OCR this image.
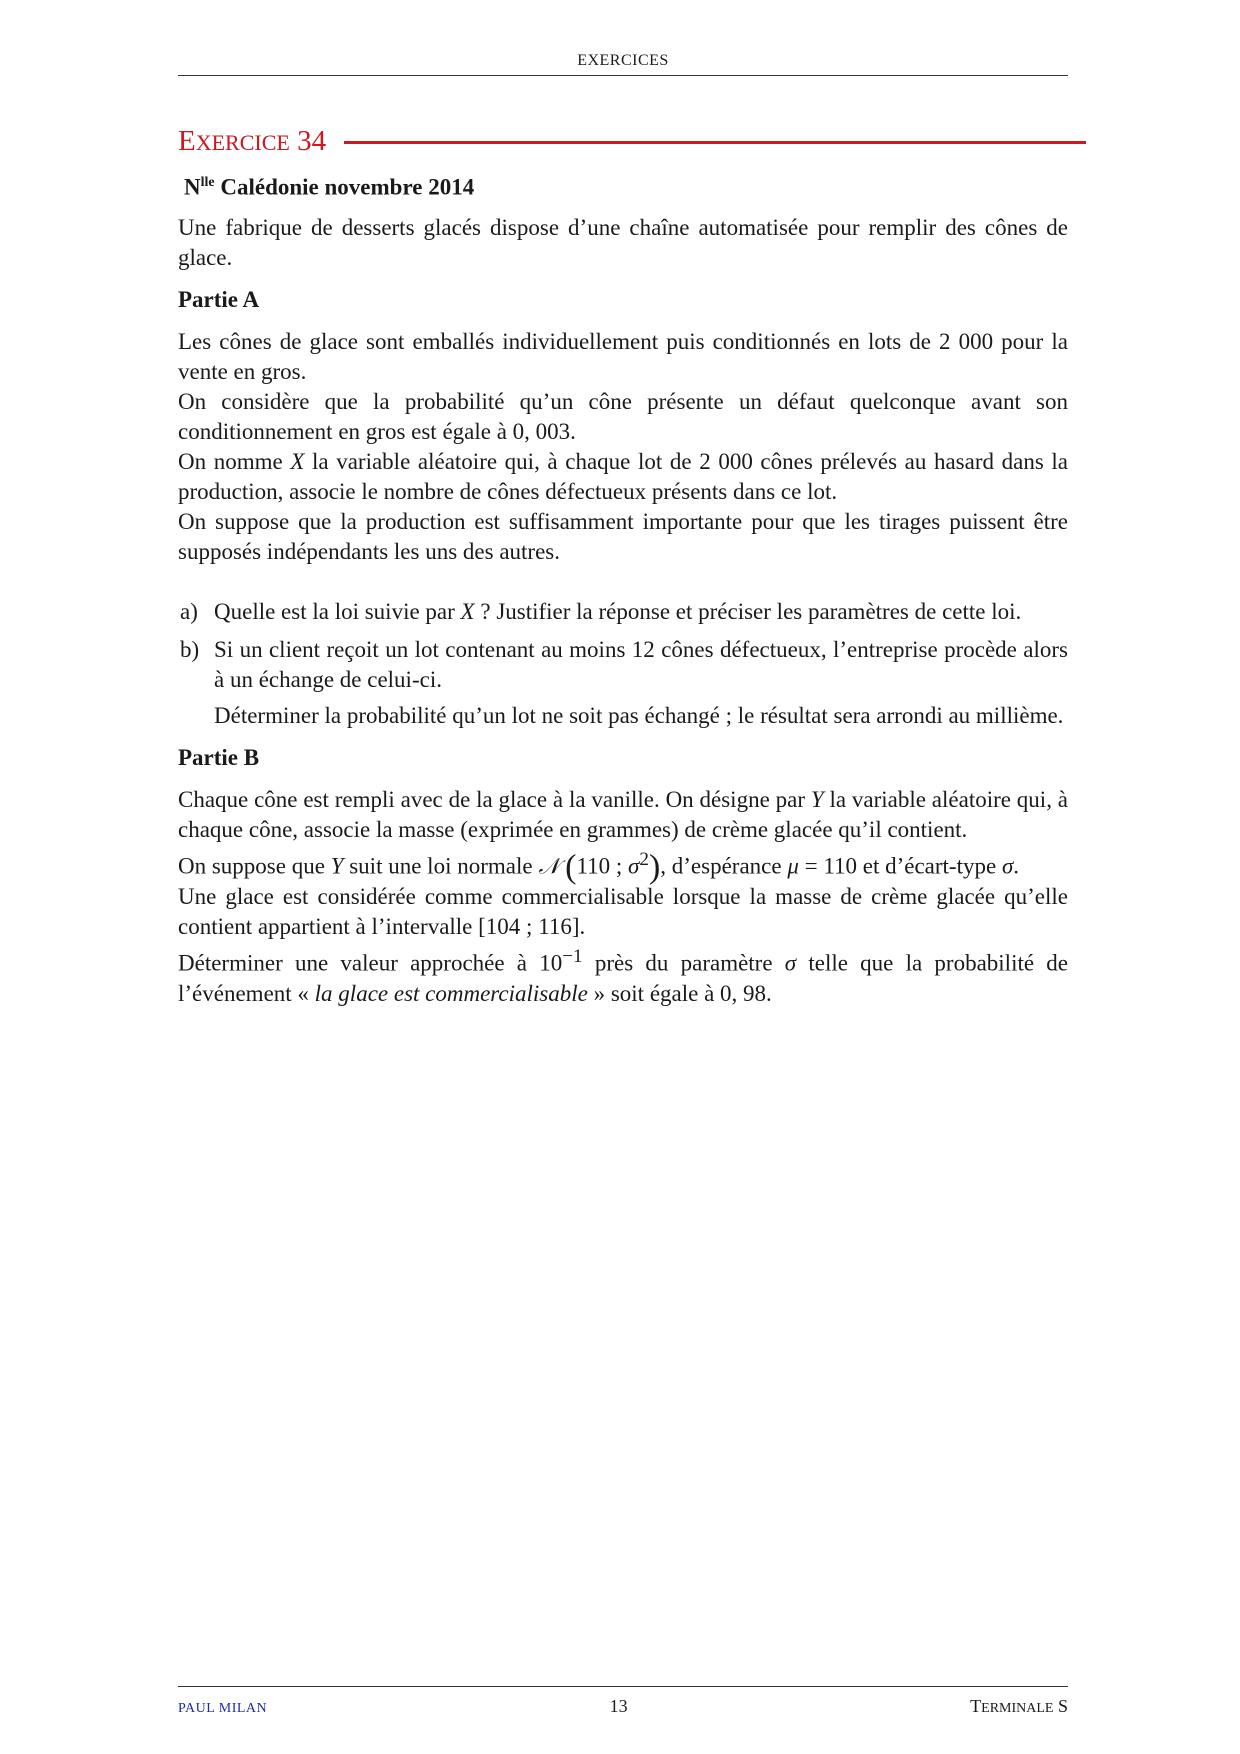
EXERCICES
EXERCICE 34
$N^{lle}$ Calédonie novembre 2014

Une fabrique de desserts glacés dispose d’une chaîne automatisée pour remplir des cônes de glace.

Partie A

Les cônes de glace sont emballés individuellement puis conditionnés en lots de 2 000 pour la vente en gros.

On considère que la probabilité qu’un cône présente un défaut quelconque avant son conditionnement en gros est égale à 0, 003.

On nomme X la variable aléatoire qui, à chaque lot de 2 000 cônes prélevés au hasard dans la production, associe le nombre de cônes défectueux présents dans ce lot.

On suppose que la production est suffisamment importante pour que les tirages puissent être supposés indépendants les uns des autres.

a) Quelle est la loi suivie par X ? Justifier la réponse et préciser les paramètres de cette loi.

b) Si un client reçoit un lot contenant au moins 12 cônes défectueux, l’entreprise procède alors à un échange de celui-ci.

Déterminer la probabilité qu’un lot ne soit pas échangé ; le résultat sera arrondi au millième.

Partie B

Chaque cône est rempli avec de la glace à la vanille. On désigne par Y la variable aléatoire qui, à chaque cône, associe la masse (exprimée en grammes) de crème glacée qu’il contient.

On suppose que Y suit une loi normale 𝒩 (110 ; $\sigma^2$), d’espérance μ = 110 et d’écart-type σ.

Une glace est considérée comme commercialisable lorsque la masse de crème glacée qu’elle contient appartient à l’intervalle [104 ; 116].

Déterminer une valeur approchée à $10^{-1}$ près du paramètre σ telle que la probabilité de l’événement « la glace est commercialisable » soit égale à 0, 98.

PAUL MILAN	13	TERMINALE S
